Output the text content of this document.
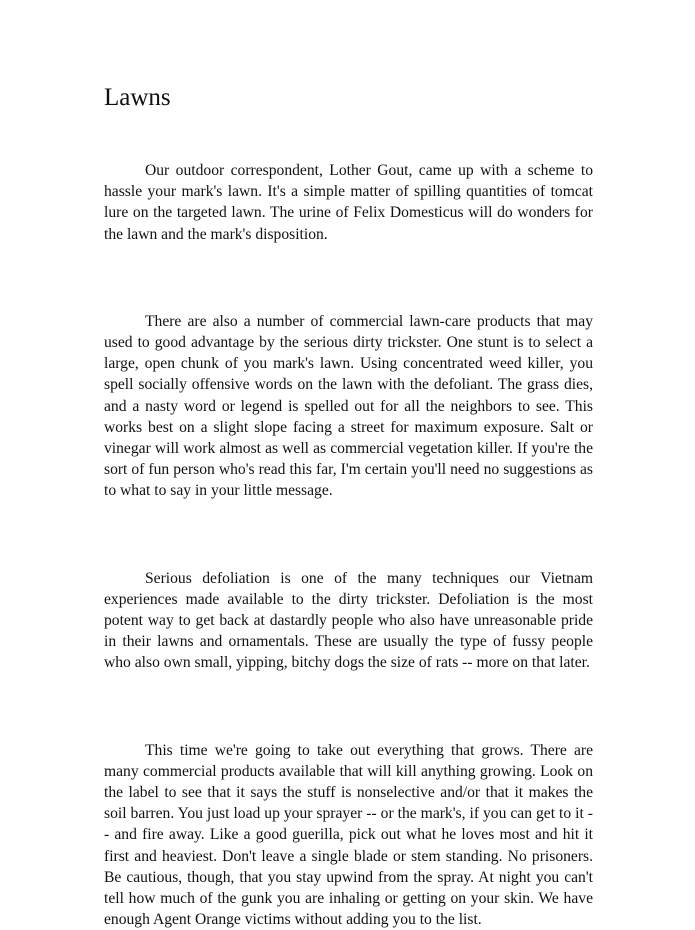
Lawns

Our outdoor correspondent, Lother Gout, came up with a scheme to hassle your mark's lawn. It's a simple matter of spilling quantities of tomcat lure on the targeted lawn. The urine of Felix Domesticus will do wonders for the lawn and the mark's disposition.

There are also a number of commercial lawn-care products that may used to good advantage by the serious dirty trickster. One stunt is to select a large, open chunk of you mark's lawn. Using concentrated weed killer, you spell socially offensive words on the lawn with the defoliant. The grass dies, and a nasty word or legend is spelled out for all the neighbors to see. This works best on a slight slope facing a street for maximum exposure. Salt or vinegar will work almost as well as commercial vegetation killer. If you're the sort of fun person who's read this far, I'm certain you'll need no suggestions as to what to say in your little message.

Serious defoliation is one of the many techniques our Vietnam experiences made available to the dirty trickster. Defoliation is the most potent way to get back at dastardly people who also have unreasonable pride in their lawns and ornamentals. These are usually the type of fussy people who also own small, yipping, bitchy dogs the size of rats -- more on that later.

This time we're going to take out everything that grows. There are many commercial products available that will kill anything growing. Look on the label to see that it says the stuff is nonselective and/or that it makes the soil barren. You just load up your sprayer -- or the mark's, if you can get to it -- and fire away. Like a good guerilla, pick out what he loves most and hit it first and heaviest. Don't leave a single blade or stem standing. No prisoners. Be cautious, though, that you stay upwind from the spray. At night you can't tell how much of the gunk you are inhaling or getting on your skin. We have enough Agent Orange victims without adding you to the list.
